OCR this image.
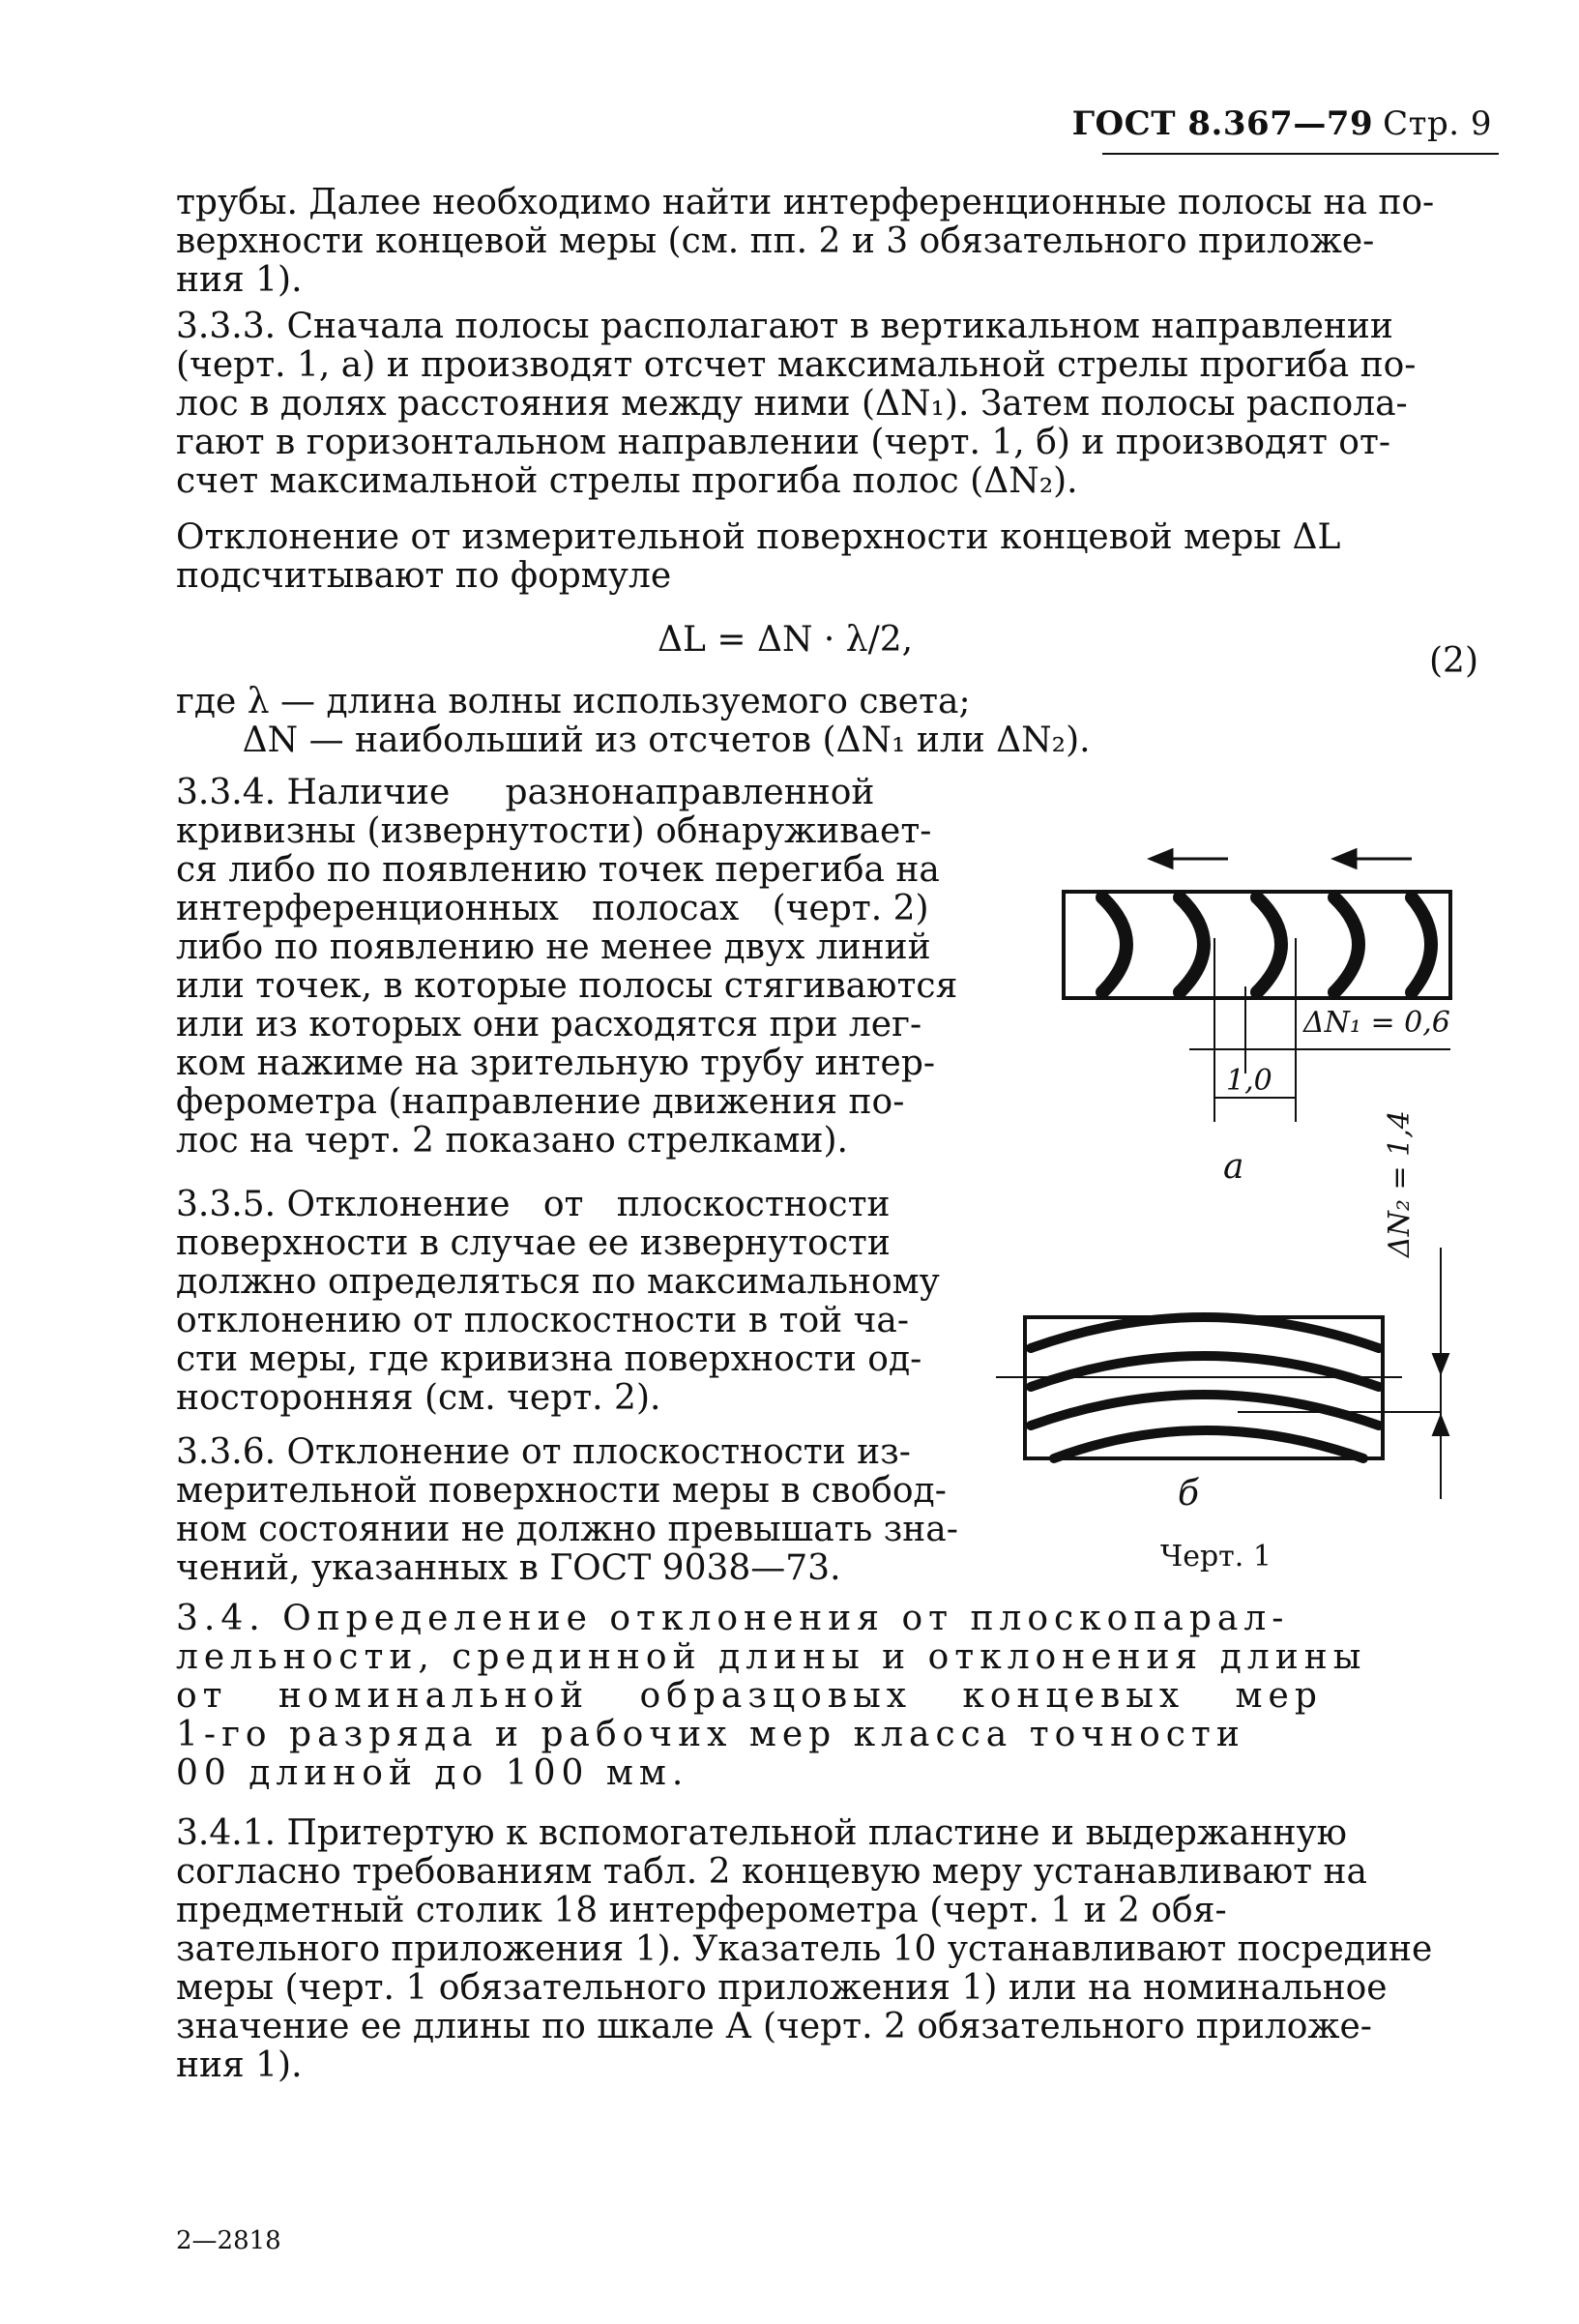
ГОСТ 8.367—79 Стр. 9

трубы. Далее необходимо найти интерференционные полосы на по-
верхности концевой меры (см. пп. 2 и 3 обязательного приложе-
ния 1).

3.3.3. Сначала полосы располагают в вертикальном направлении
(черт. 1, а) и производят отсчет максимальной стрелы прогиба по-
лос в долях расстояния между ними (ΔN₁). Затем полосы распола-
гают в горизонтальном направлении (черт. 1, б) и производят от-
счет максимальной стрелы прогиба полос (ΔN₂).

Отклонение от измерительной поверхности концевой меры ΔL
подсчитывают по формуле

ΔL = ΔN · λ/2,

(2)

где λ — длина волны используемого света;
ΔN — наибольший из отсчетов (ΔN₁ или ΔN₂).

3.3.4. Наличие     разнонаправленной
кривизны (извернутости) обнаруживает-
ся либо по появлению точек перегиба на
интерференционных   полосах   (черт. 2)
либо по появлению не менее двух линий
или точек, в которые полосы стягиваются
или из которых они расходятся при лег-
ком нажиме на зрительную трубу интер-
ферометра (направление движения по-
лос на черт. 2 показано стрелками).

3.3.5. Отклонение   от   плоскостности
поверхности в случае ее извернутости
должно определяться по максимальному
отклонению от плоскостности в той ча-
сти меры, где кривизна поверхности од-
носторонняя (см. черт. 2).

3.3.6. Отклонение от плоскостности из-
мерительной поверхности меры в свобод-
ном состоянии не должно превышать зна-
чений, указанных в ГОСТ 9038—73.

3.4. Определение отклонения от плоскопарал-
лельности, срединной длины и отклонения длины
от   номинальной   образцовых   концевых   мер
1-го разряда и рабочих мер класса точности
00 длиной до 100 мм.

3.4.1. Притертую к вспомогательной пластине и выдержанную
согласно требованиям табл. 2 концевую меру устанавливают на
предметный столик 18 интерферометра (черт. 1 и 2 обя-
зательного приложения 1). Указатель 10 устанавливают посредине
меры (черт. 1 обязательного приложения 1) или на номинальное
значение ее длины по шкале А (черт. 2 обязательного приложе-
ния 1).

ΔN₁ = 0,6
1,0
а	ΔN₂ = 1,4
б
Черт. 1
2—2818
